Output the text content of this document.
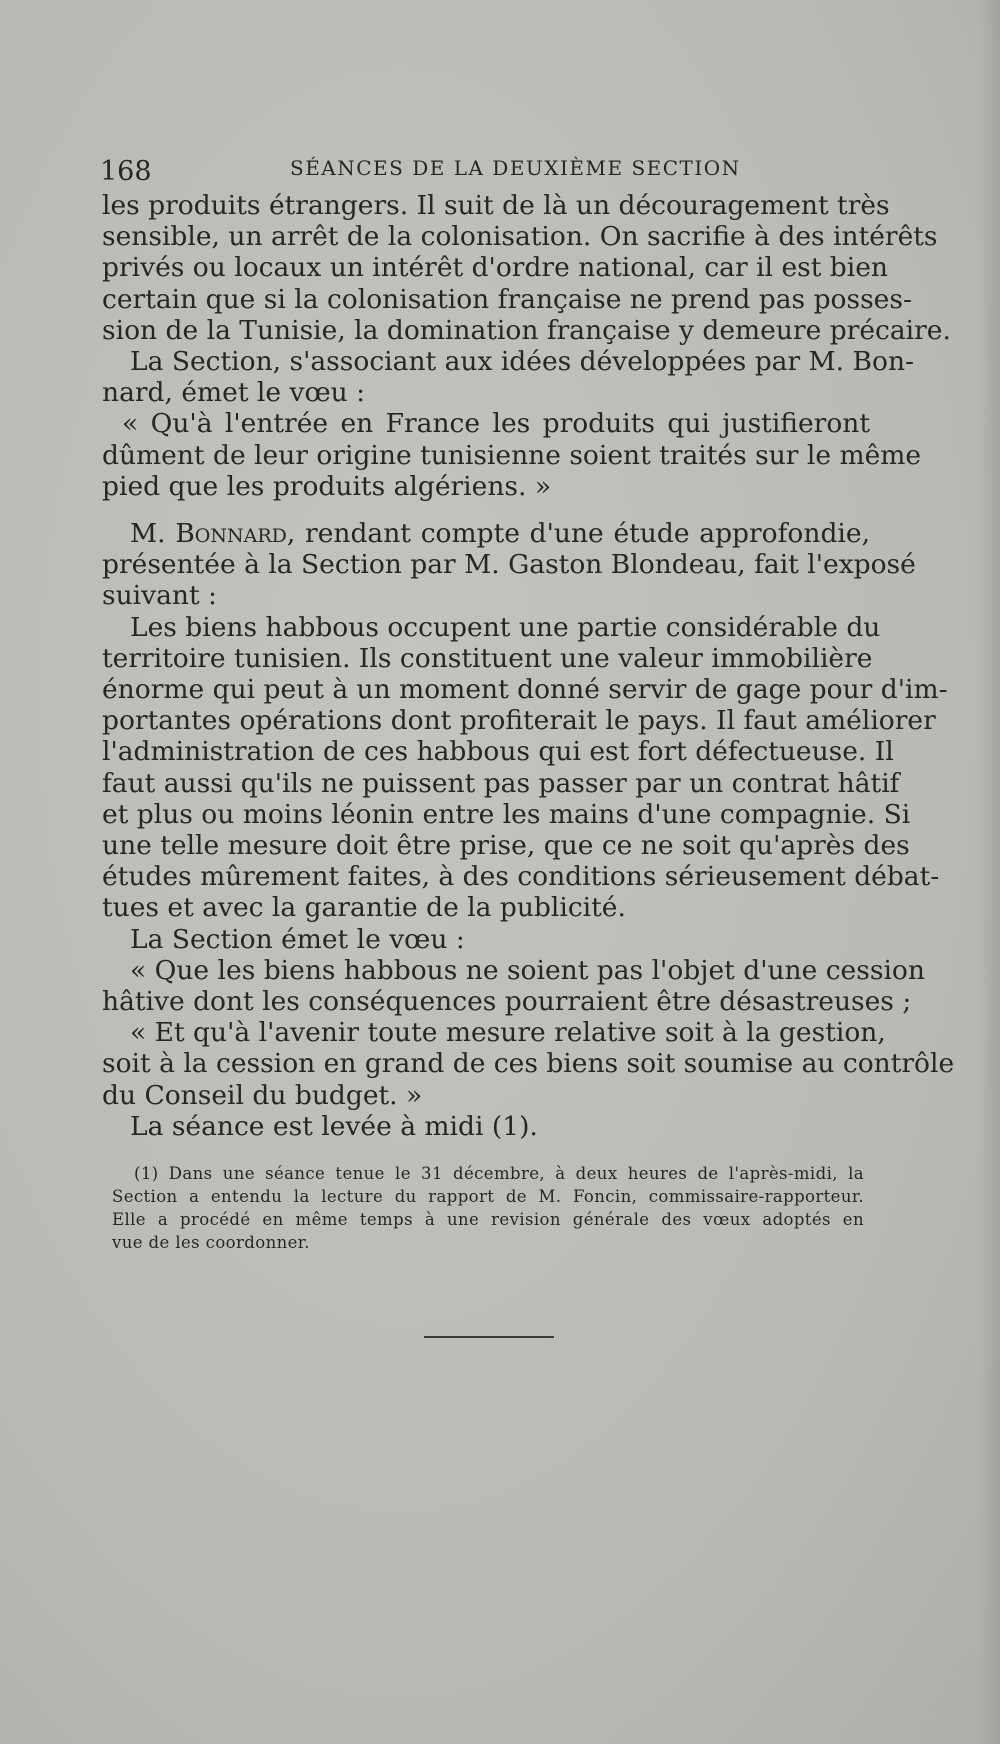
168	SÉANCES DE LA DEUXIÈME SECTION
les produits étrangers. Il suit de là un découragement très
sensible, un arrêt de la colonisation. On sacrifie à des intérêts
privés ou locaux un intérêt d'ordre national, car il est bien
certain que si la colonisation française ne prend pas posses-
sion de la Tunisie, la domination française y demeure précaire.
La Section, s'associant aux idées développées par M. Bon-
nard, émet le vœu :
« Qu'à l'entrée en France les produits qui justifieront
dûment de leur origine tunisienne soient traités sur le même
pied que les produits algériens. »
M. Bonnard, rendant compte d'une étude approfondie,
présentée à la Section par M. Gaston Blondeau, fait l'exposé
suivant :
Les biens habbous occupent une partie considérable du
territoire tunisien. Ils constituent une valeur immobilière
énorme qui peut à un moment donné servir de gage pour d'im-
portantes opérations dont profiterait le pays. Il faut améliorer
l'administration de ces habbous qui est fort défectueuse. Il
faut aussi qu'ils ne puissent pas passer par un contrat hâtif
et plus ou moins léonin entre les mains d'une compagnie. Si
une telle mesure doit être prise, que ce ne soit qu'après des
études mûrement faites, à des conditions sérieusement débat-
tues et avec la garantie de la publicité.
La Section émet le vœu :
« Que les biens habbous ne soient pas l'objet d'une cession
hâtive dont les conséquences pourraient être désastreuses ;
« Et qu'à l'avenir toute mesure relative soit à la gestion,
soit à la cession en grand de ces biens soit soumise au contrôle
du Conseil du budget. »
La séance est levée à midi (1).
(1) Dans une séance tenue le 31 décembre, à deux heures de l'après-midi, la
Section a entendu la lecture du rapport de M. Foncin, commissaire-rapporteur.
Elle a procédé en même temps à une revision générale des vœux adoptés en
vue de les coordonner.
